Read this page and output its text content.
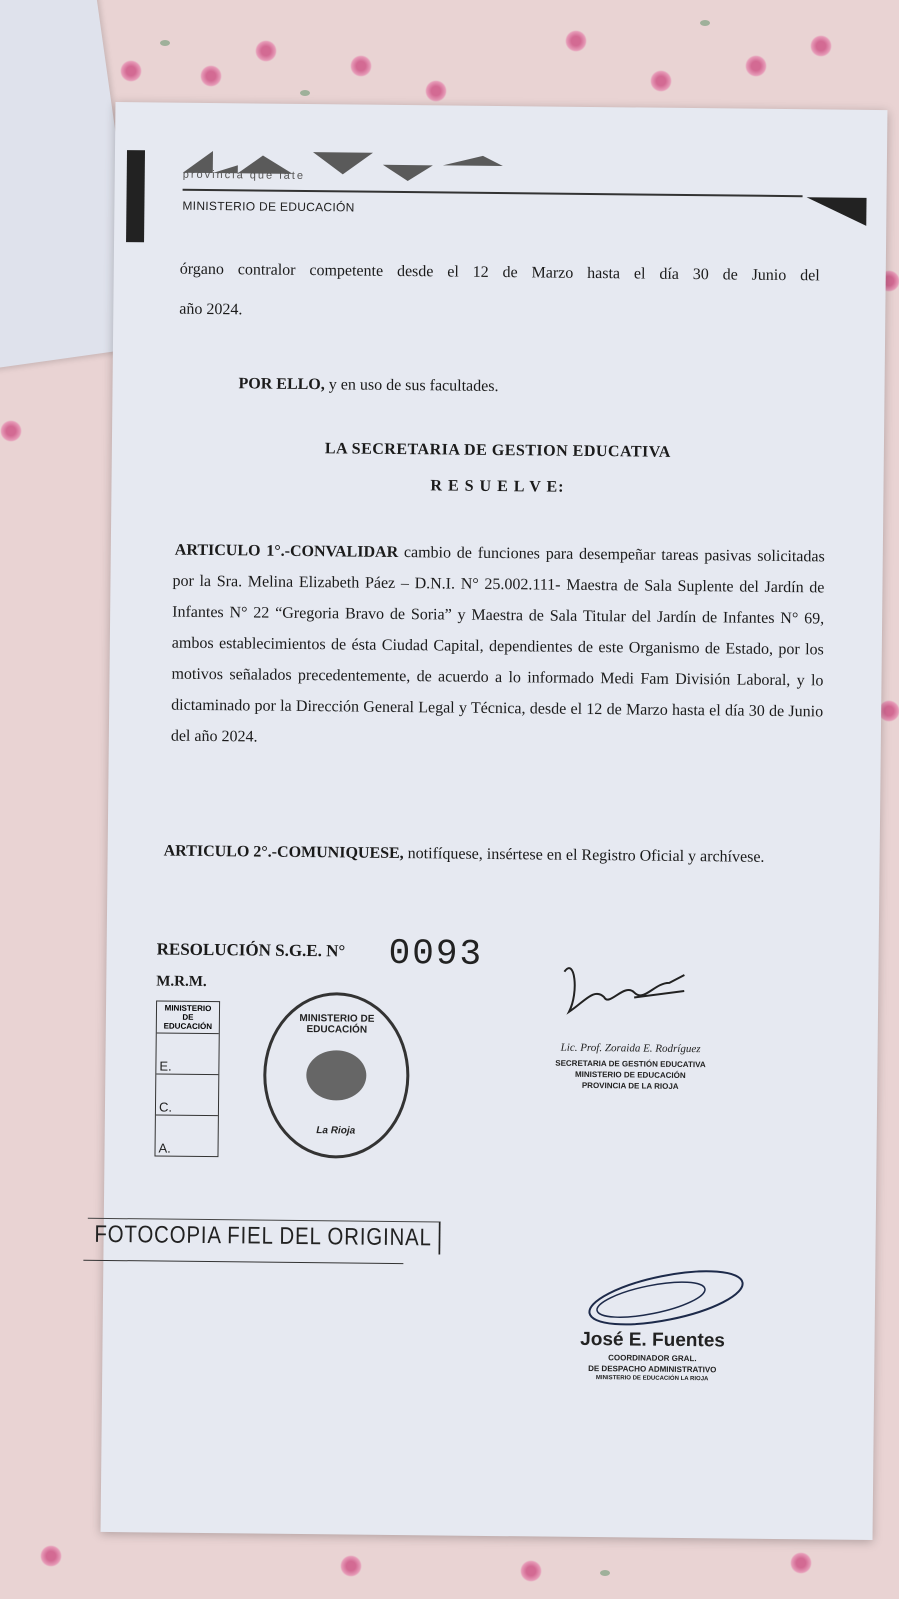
provincia que late
MINISTERIO DE EDUCACIÓN
órgano contralor competente desde el 12 de Marzo hasta el día 30 de Junio del
año 2024.
POR ELLO, y en uso de sus facultades.
LA SECRETARIA DE GESTION EDUCATIVA
R E S U E L V E:
ARTICULO 1°.-CONVALIDAR cambio de funciones para desempeñar tareas pasivas solicitadas por la Sra. Melina Elizabeth Páez – D.N.I. N° 25.002.111- Maestra de Sala Suplente del Jardín de Infantes N° 22 “Gregoria Bravo de Soria” y Maestra de Sala Titular del Jardín de Infantes N° 69, ambos establecimientos de ésta Ciudad Capital, dependientes de este Organismo de Estado, por los motivos señalados precedentemente, de acuerdo a lo informado Medi Fam División Laboral, y lo dictaminado por la Dirección General Legal y Técnica, desde el 12 de Marzo hasta el día 30 de Junio del año 2024.
ARTICULO 2°.-COMUNIQUESE, notifíquese, insértese en el Registro Oficial y archívese.
RESOLUCIÓN S.G.E. N° 0093
M.R.M.
MINISTERIO DE EDUCACIÓN
E.
C.
A.
MINISTERIO DE EDUCACIÓN
La Rioja
Lic. Prof. Zoraida E. Rodríguez
SECRETARIA DE GESTIÓN EDUCATIVA
MINISTERIO DE EDUCACIÓN
PROVINCIA DE LA RIOJA
FOTOCOPIA FIEL DEL ORIGINAL
José E. Fuentes
COORDINADOR GRAL.
DE DESPACHO ADMINISTRATIVO
MINISTERIO DE EDUCACIÓN LA RIOJA
